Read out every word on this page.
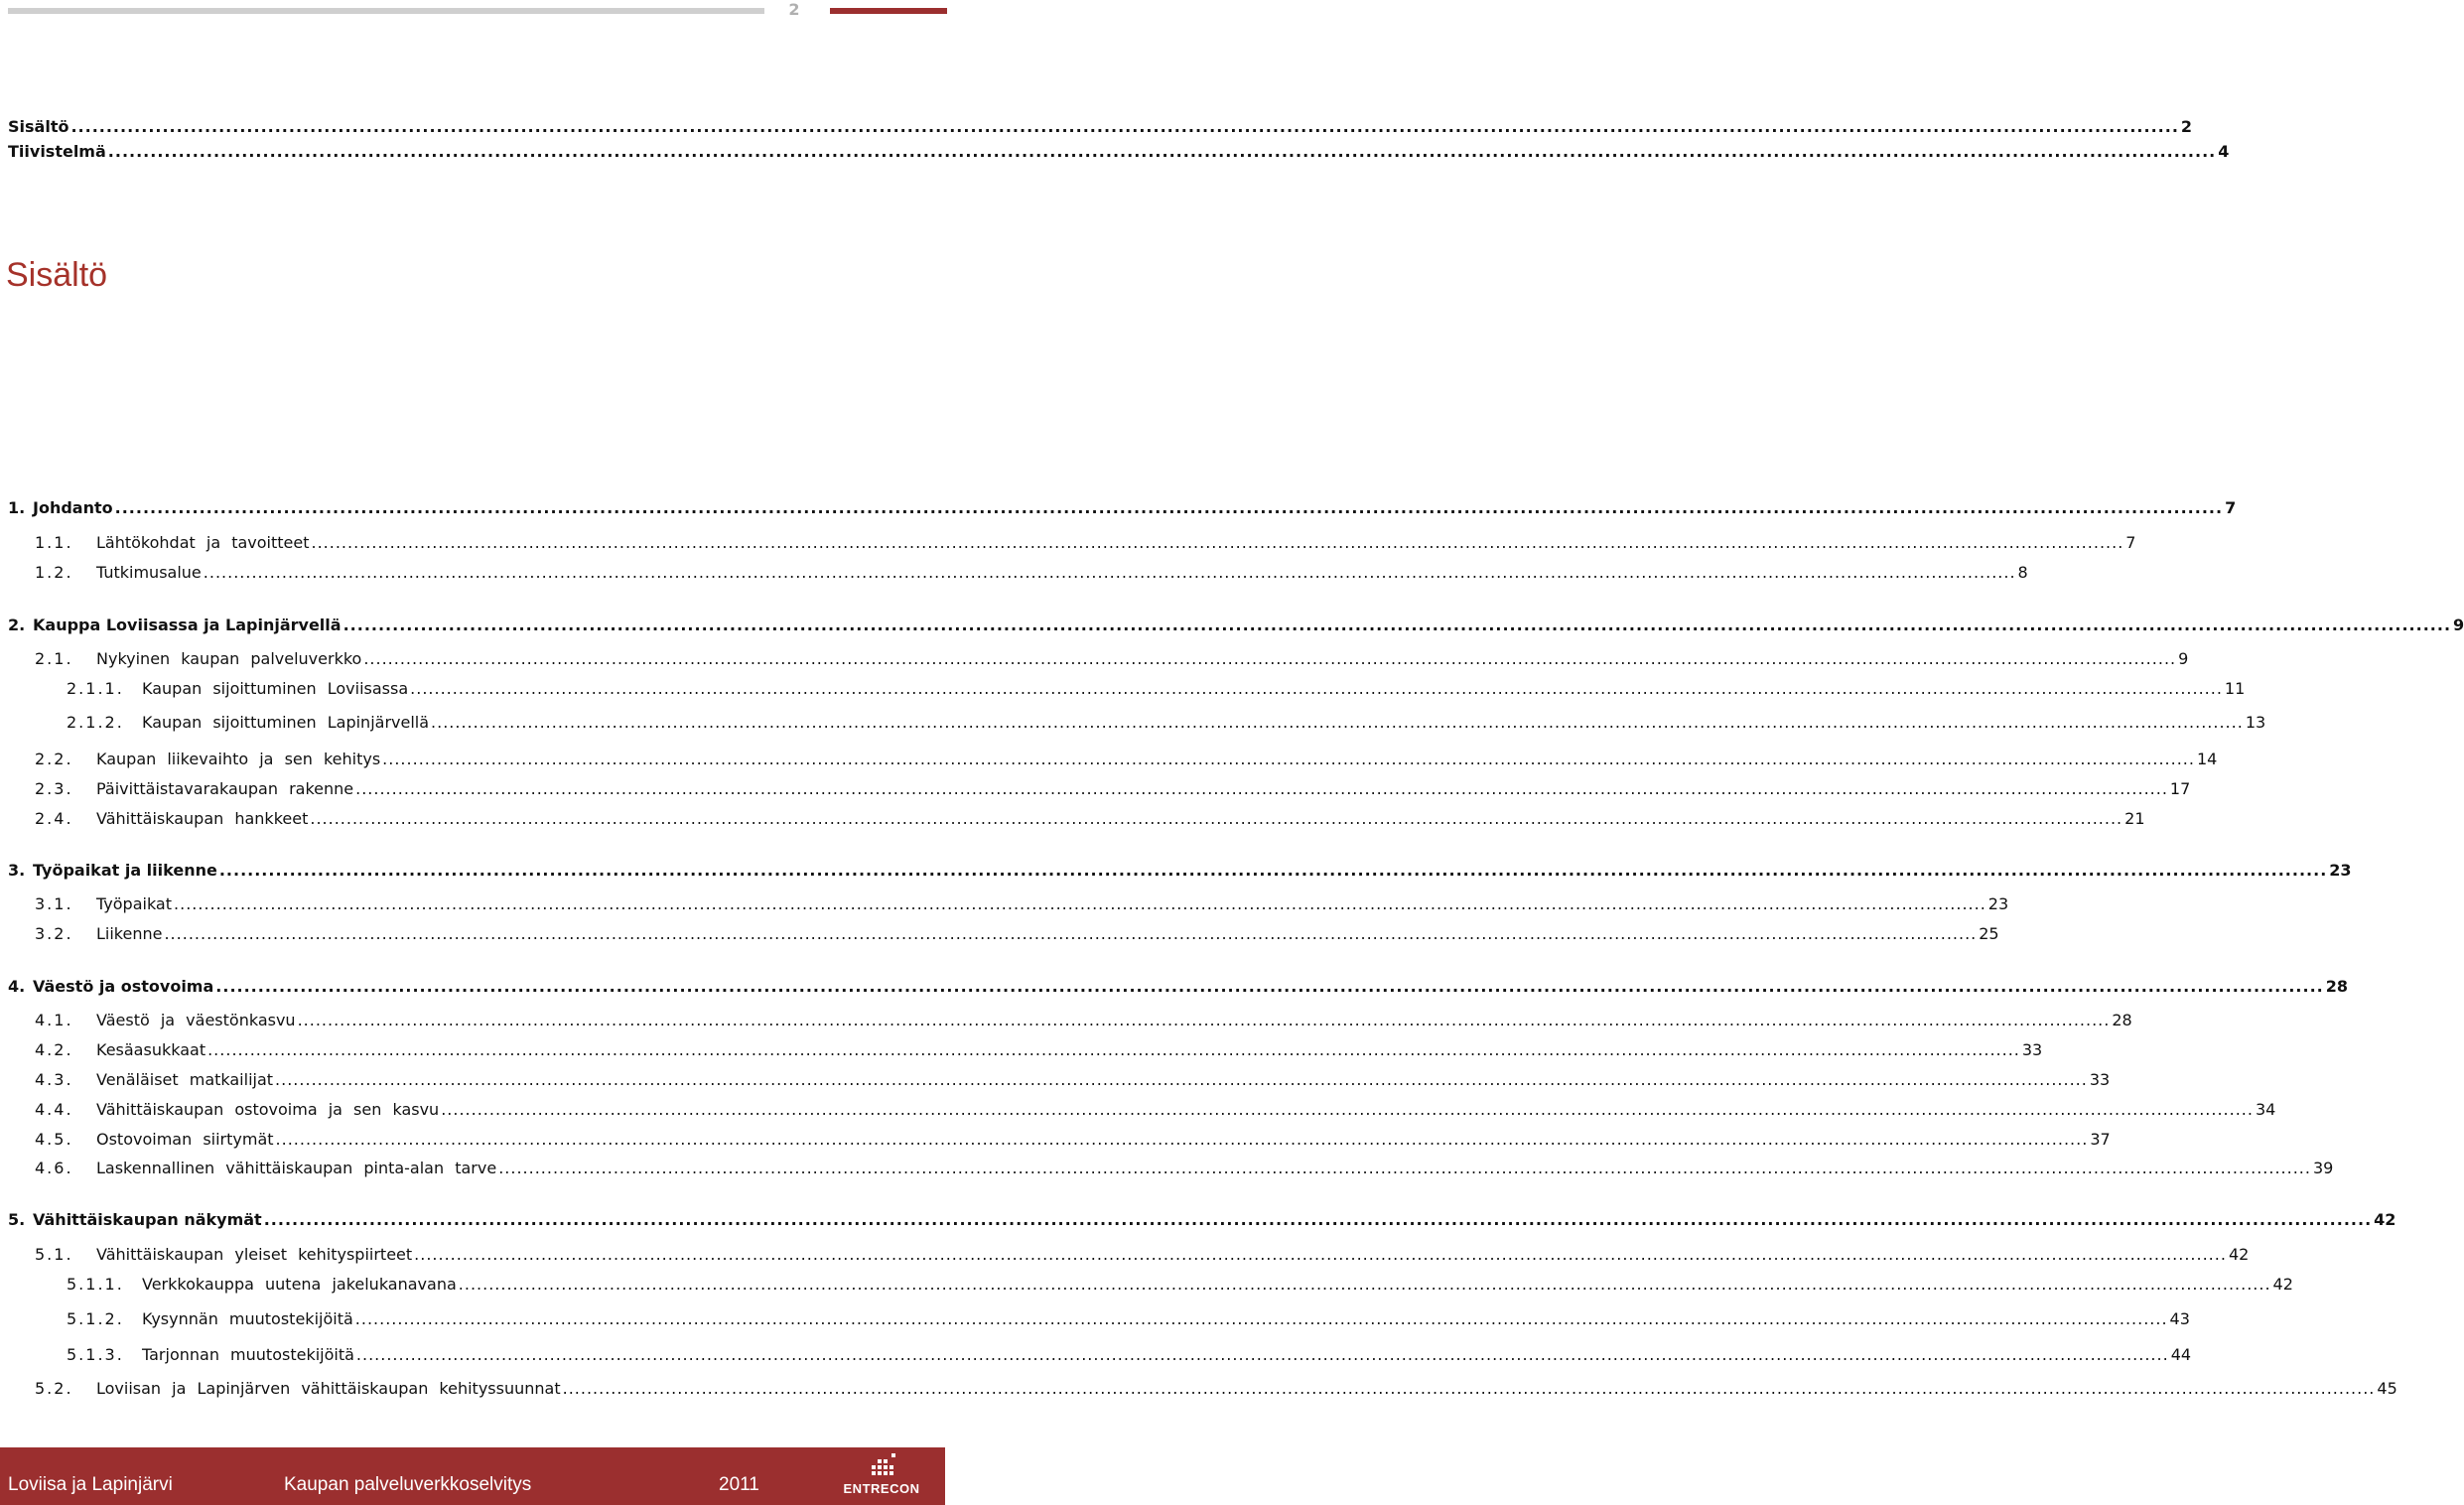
2
Sisältö
Sisältö ............................................................................................................................................................................................................................................................................................................ 2
Tiivistelmä ............................................................................................................................................................................................................................................................................................................ 4
1. Johdanto ............................................................................................................................................................................................................................................................................................................ 7
1.1.	Lähtökohdat ja tavoitteet ............................................................................................................................................................................................................................................................................................................ 7
1.2.	Tutkimusalue ............................................................................................................................................................................................................................................................................................................ 8
2. Kauppa Loviisassa ja Lapinjärvellä ............................................................................................................................................................................................................................................................................................................ 9
2.1.	Nykyinen kaupan palveluverkko ............................................................................................................................................................................................................................................................................................................ 9
2.1.1.	Kaupan sijoittuminen Loviisassa ............................................................................................................................................................................................................................................................................................................ 11
2.1.2.	Kaupan sijoittuminen Lapinjärvellä ............................................................................................................................................................................................................................................................................................................ 13
2.2.	Kaupan liikevaihto ja sen kehitys ............................................................................................................................................................................................................................................................................................................ 14
2.3.	Päivittäistavarakaupan rakenne ............................................................................................................................................................................................................................................................................................................ 17
2.4.	Vähittäiskaupan hankkeet ............................................................................................................................................................................................................................................................................................................ 21
3. Työpaikat ja liikenne ............................................................................................................................................................................................................................................................................................................ 23
3.1.	Työpaikat ............................................................................................................................................................................................................................................................................................................ 23
3.2.	Liikenne ............................................................................................................................................................................................................................................................................................................ 25
4. Väestö ja ostovoima ............................................................................................................................................................................................................................................................................................................ 28
4.1.	Väestö ja väestönkasvu ............................................................................................................................................................................................................................................................................................................ 28
4.2.	Kesäasukkaat ............................................................................................................................................................................................................................................................................................................ 33
4.3.	Venäläiset matkailijat ............................................................................................................................................................................................................................................................................................................ 33
4.4.	Vähittäiskaupan ostovoima ja sen kasvu ............................................................................................................................................................................................................................................................................................................ 34
4.5.	Ostovoiman siirtymät ............................................................................................................................................................................................................................................................................................................ 37
4.6.	Laskennallinen vähittäiskaupan pinta-alan tarve ............................................................................................................................................................................................................................................................................................................ 39
5. Vähittäiskaupan näkymät ............................................................................................................................................................................................................................................................................................................ 42
5.1.	Vähittäiskaupan yleiset kehityspiirteet ............................................................................................................................................................................................................................................................................................................ 42
5.1.1.	Verkkokauppa uutena jakelukanavana ............................................................................................................................................................................................................................................................................................................ 42
5.1.2.	Kysynnän muutostekijöitä ............................................................................................................................................................................................................................................................................................................ 43
5.1.3.	Tarjonnan muutostekijöitä ............................................................................................................................................................................................................................................................................................................ 44
5.2.	Loviisan ja Lapinjärven vähittäiskaupan kehityssuunnat ............................................................................................................................................................................................................................................................................................................ 45
Loviisa ja Lapinjärvi	Kaupan palveluverkkoselvitys	2011	ENTRECON
